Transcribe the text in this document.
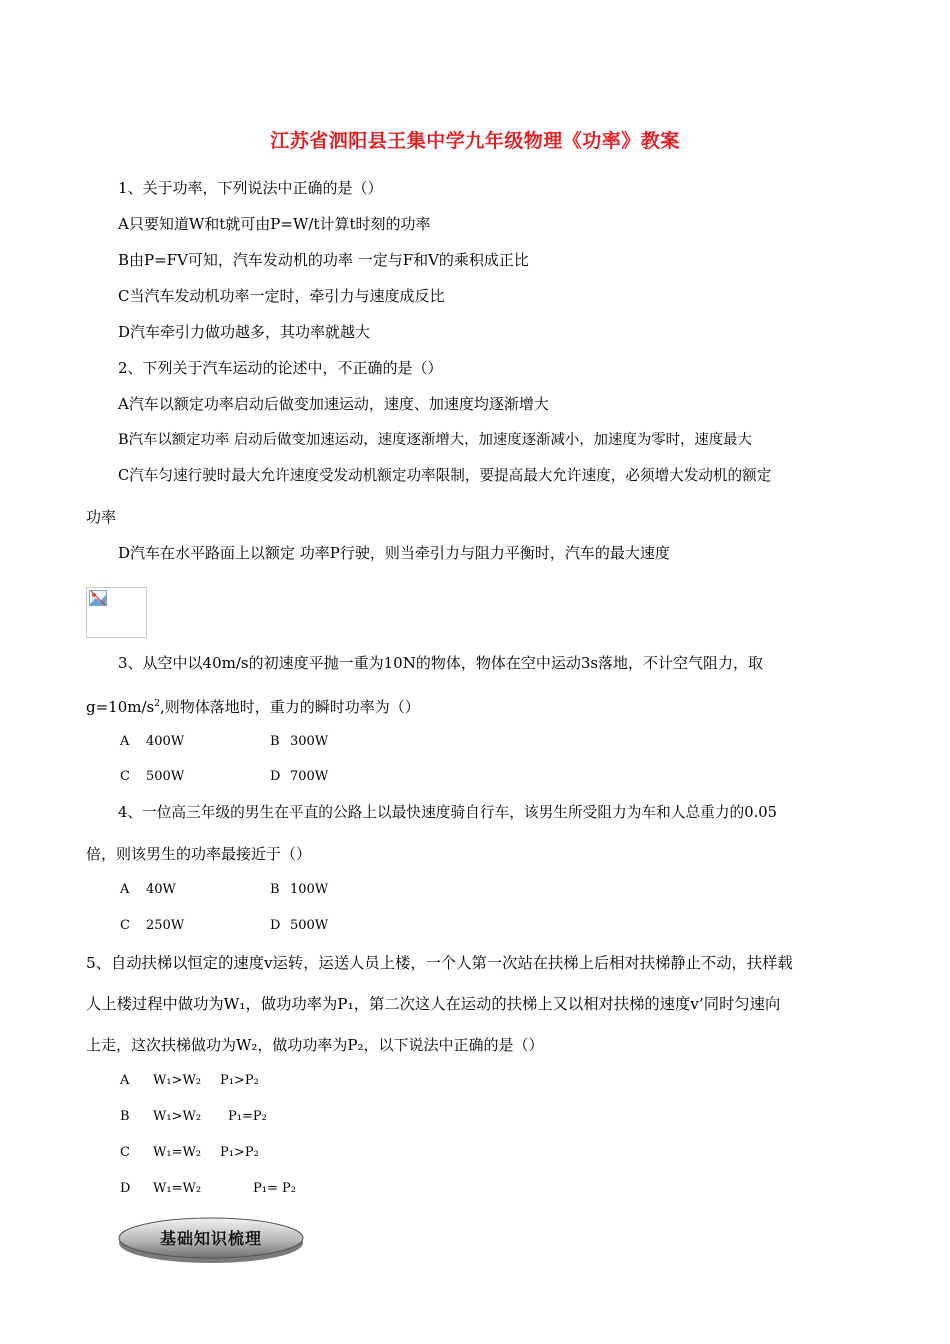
江苏省泗阳县王集中学九年级物理《功率》教案
1、关于功率，下列说法中正确的是（）
A只要知道W和t就可由P=W/t计算t时刻的功率
B由P=FV可知，汽车发动机的功率 一定与F和V的乘积成正比
C当汽车发动机功率一定时，牵引力与速度成反比
D汽车牵引力做功越多，其功率就越大
2、下列关于汽车运动的论述中，不正确的是（）
A汽车以额定功率启动后做变加速运动，速度、加速度均逐渐增大
B汽车以额定功率 启动后做变加速运动，速度逐渐增大，加速度逐渐减小，加速度为零时，速度最大
C汽车匀速行驶时最大允许速度受发动机额定功率限制，要提高最大允许速度，必须增大发动机的额定
功率
D汽车在水平路面上以额定 功率P行驶，则当牵引力与阻力平衡时，汽车的最大速度
3、从空中以40m/s的初速度平抛一重为10N的物体，物体在空中运动3s落地，不计空气阻力，取
$g=10m/s^2$,则物体落地时，重力的瞬时功率为（）
A 400W	B 300W
C 500W	D 700W
4、一位高三年级的男生在平直的公路上以最快速度骑自行车，该男生所受阻力为车和人总重力的0.05
倍，则该男生的功率最接近于（）
A 40W	B 100W
C 250W	D 500W
5、自动扶梯以恒定的速度v运转，运送人员上楼，一个人第一次站在扶梯上后相对扶梯静止不动，扶样载
人上楼过程中做功为W₁，做功功率为P₁，第二次这人在运动的扶梯上又以相对扶梯的速度v’同时匀速向
上走，这次扶梯做功为W₂，做功功率为P₂，以下说法中正确的是（）
A W₁>W₂ P₁>P₂
B W₁>W₂ P₁=P₂
C W₁=W₂ P₁>P₂
D W₁=W₂	P₁= P₂
基础知识梳理
